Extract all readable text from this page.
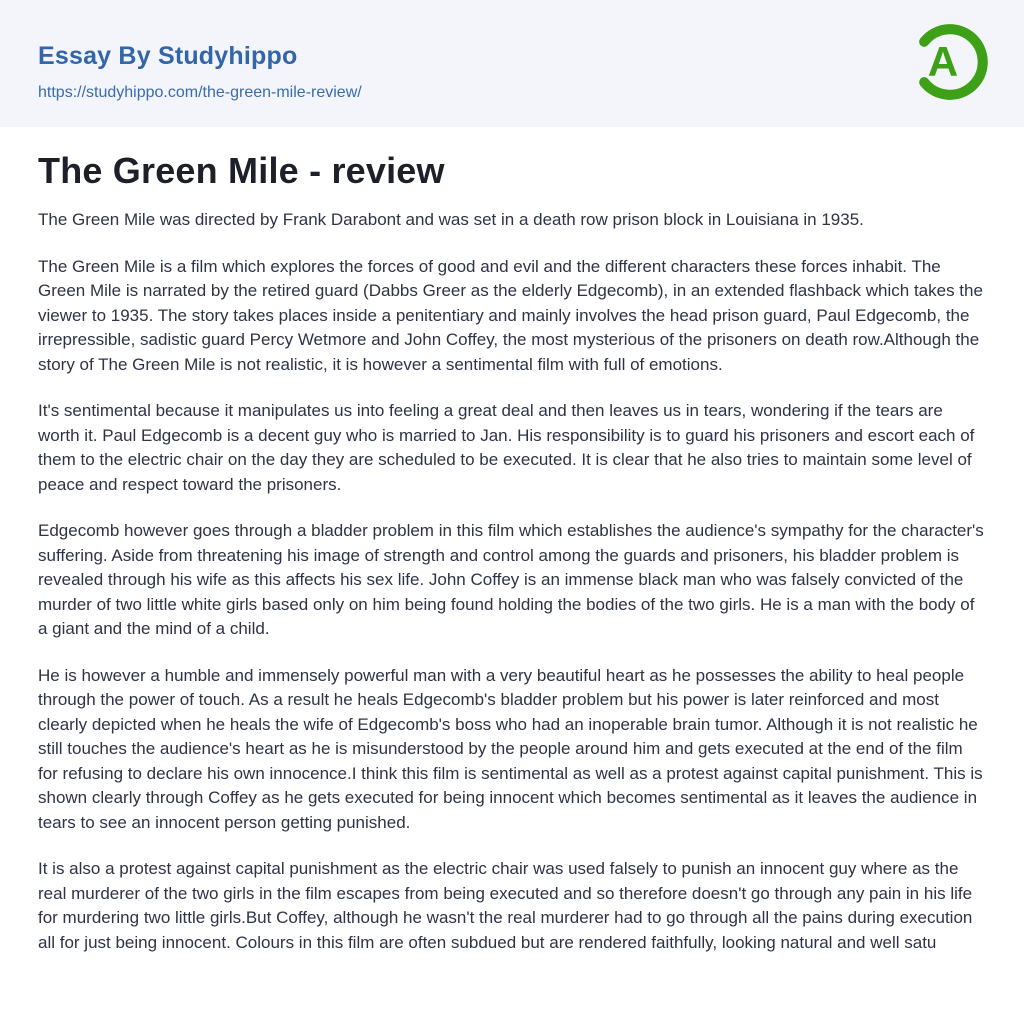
Essay By Studyhippo
https://studyhippo.com/the-green-mile-review/
A
The Green Mile - review

The Green Mile was directed by Frank Darabont and was set in a death row prison block in Louisiana in 1935.

The Green Mile is a film which explores the forces of good and evil and the different characters these forces inhabit. The Green Mile is narrated by the retired guard (Dabbs Greer as the elderly Edgecomb), in an extended flashback which takes the viewer to 1935. The story takes places inside a penitentiary and mainly involves the head prison guard, Paul Edgecomb, the irrepressible, sadistic guard Percy Wetmore and John Coffey, the most mysterious of the prisoners on death row.Although the story of The Green Mile is not realistic, it is however a sentimental film with full of emotions.

It's sentimental because it manipulates us into feeling a great deal and then leaves us in tears, wondering if the tears are worth it. Paul Edgecomb is a decent guy who is married to Jan. His responsibility is to guard his prisoners and escort each of them to the electric chair on the day they are scheduled to be executed. It is clear that he also tries to maintain some level of peace and respect toward the prisoners.

Edgecomb however goes through a bladder problem in this film which establishes the audience's sympathy for the character's suffering. Aside from threatening his image of strength and control among the guards and prisoners, his bladder problem is revealed through his wife as this affects his sex life. John Coffey is an immense black man who was falsely convicted of the murder of two little white girls based only on him being found holding the bodies of the two girls. He is a man with the body of a giant and the mind of a child.

He is however a humble and immensely powerful man with a very beautiful heart as he possesses the ability to heal people through the power of touch. As a result he heals Edgecomb's bladder problem but his power is later reinforced and most clearly depicted when he heals the wife of Edgecomb's boss who had an inoperable brain tumor. Although it is not realistic he still touches the audience's heart as he is misunderstood by the people around him and gets executed at the end of the film for refusing to declare his own innocence.I think this film is sentimental as well as a protest against capital punishment. This is shown clearly through Coffey as he gets executed for being innocent which becomes sentimental as it leaves the audience in tears to see an innocent person getting punished.

It is also a protest against capital punishment as the electric chair was used falsely to punish an innocent guy where as the real murderer of the two girls in the film escapes from being executed and so therefore doesn't go through any pain in his life for murdering two little girls.But Coffey, although he wasn't the real murderer had to go through all the pains during execution all for just being innocent. Colours in this film are often subdued but are rendered faithfully, looking natural and well satu
